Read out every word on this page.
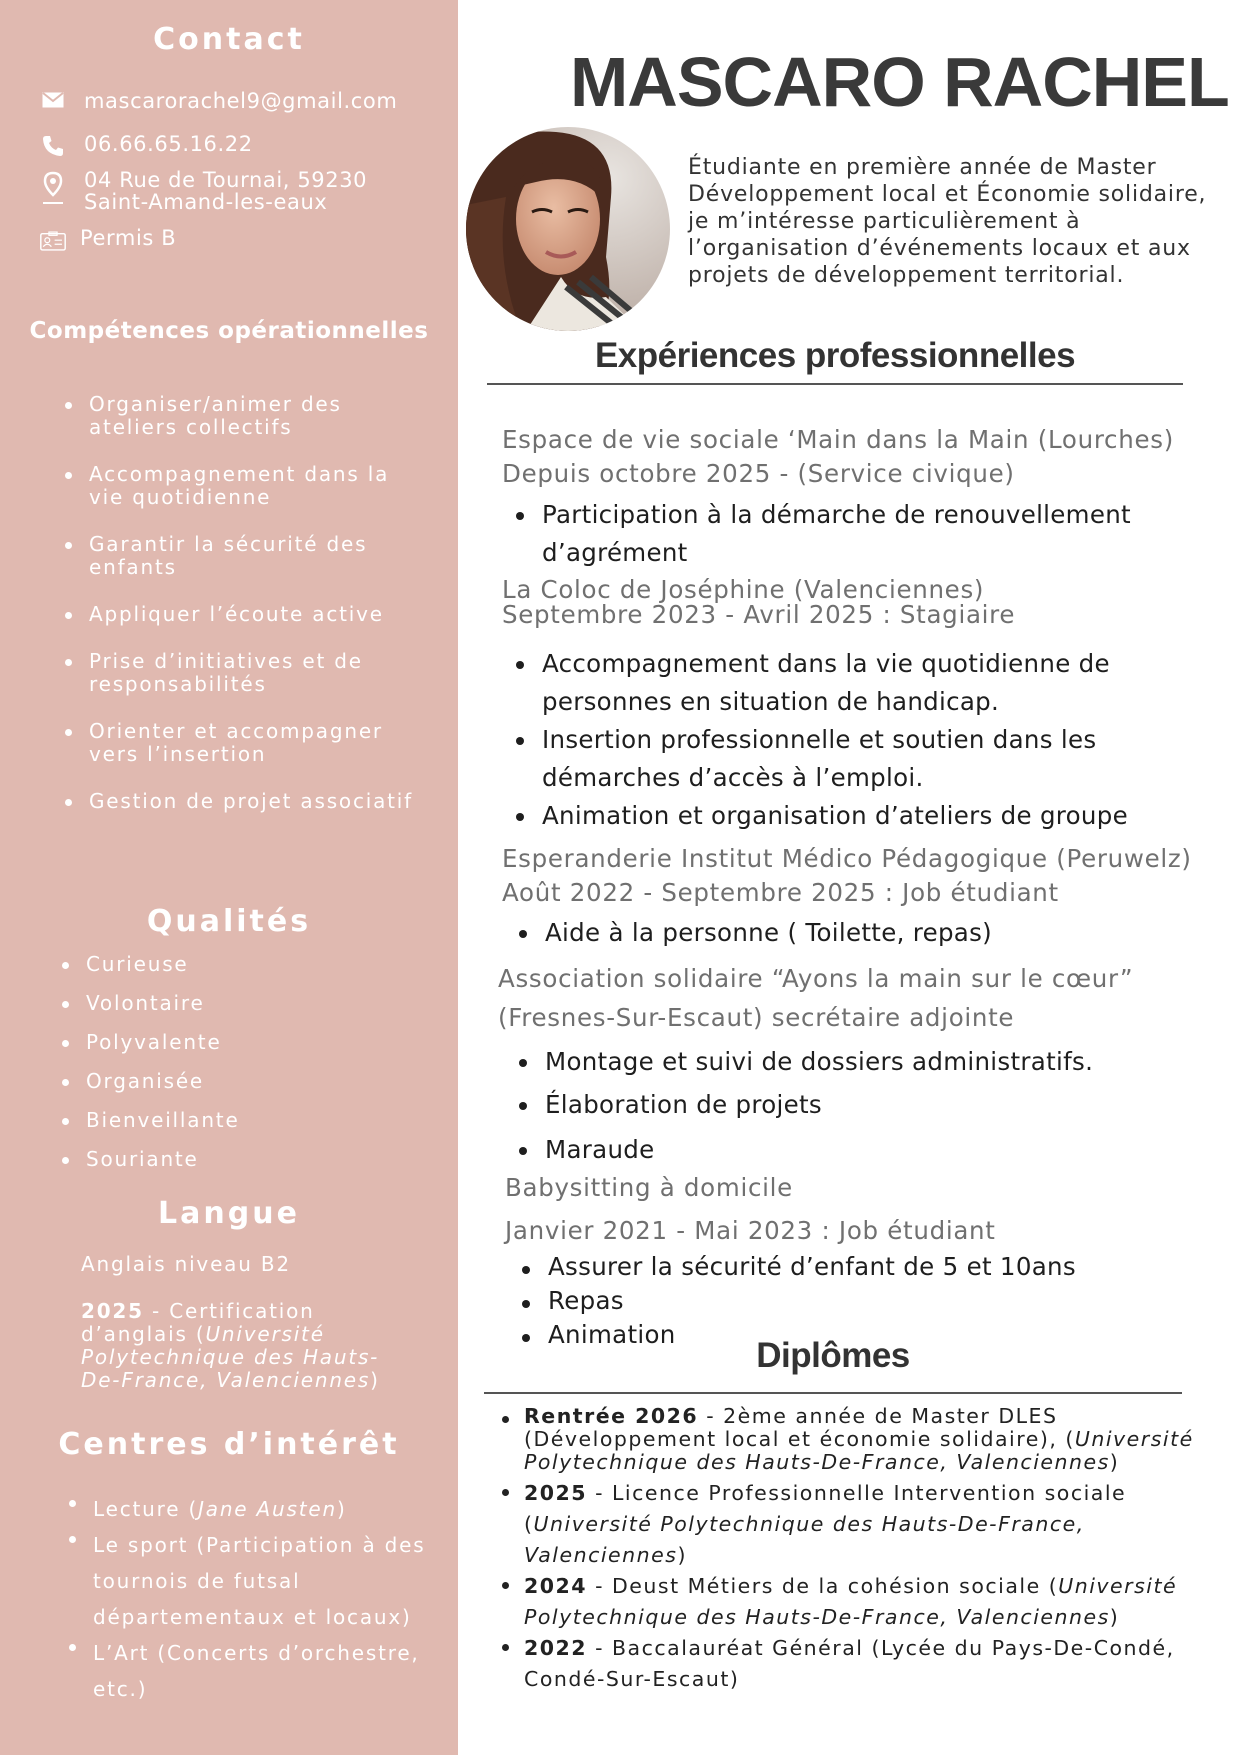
Contact
mascarorachel9@gmail.com
06.66.65.16.22
04 Rue de Tournai, 59230 Saint-Amand-les-eaux
Permis B
Compétences opérationnelles
Organiser/animer des ateliers collectifs
Accompagnement dans la vie quotidienne
Garantir la sécurité des enfants
Appliquer l’écoute active
Prise d’initiatives et de responsabilités
Orienter et accompagner vers l’insertion
Gestion de projet associatif
Qualités
Curieuse
Volontaire
Polyvalente
Organisée
Bienveillante
Souriante
Langue
Anglais niveau B2
2025 - Certification d’anglais (Université Polytechnique des Hauts-De-France, Valenciennes)
Centres d’intérêt
Lecture (Jane Austen)
Le sport (Participation à des tournois de futsal départementaux et locaux)
L’Art (Concerts d’orchestre, etc.)
MASCARO RACHEL
Étudiante en première année de Master Développement local et Économie solidaire, je m’intéresse particulièrement à l’organisation d’événements locaux et aux projets de développement territorial.
Expériences professionnelles
Espace de vie sociale ‘Main dans la Main (Lourches)
Depuis octobre 2025 - (Service civique)
Participation à la démarche de renouvellement d’agrément
La Coloc de Joséphine (Valenciennes)
Septembre 2023 - Avril 2025 : Stagiaire
Accompagnement dans la vie quotidienne de personnes en situation de handicap.
Insertion professionnelle et soutien dans les démarches d’accès à l’emploi.
Animation et organisation d’ateliers de groupe
Esperanderie Institut Médico Pédagogique (Peruwelz)
Août 2022 - Septembre 2025 : Job étudiant
Aide à la personne ( Toilette, repas)
Association solidaire “Ayons la main sur le cœur”
(Fresnes-Sur-Escaut) secrétaire adjointe
Montage et suivi de dossiers administratifs.
Élaboration de projets
Maraude
Babysitting à domicile
Janvier 2021 - Mai 2023 : Job étudiant
Assurer la sécurité d’enfant de 5 et 10ans
Repas
Animation
Diplômes
Rentrée 2026 - 2ème année de Master DLES (Développement local et économie solidaire), (Université Polytechnique des Hauts-De-France, Valenciennes)
2025 - Licence Professionnelle Intervention sociale (Université Polytechnique des Hauts-De-France, Valenciennes)
2024 - Deust Métiers de la cohésion sociale (Université Polytechnique des Hauts-De-France, Valenciennes)
2022 - Baccalauréat Général (Lycée du Pays-De-Condé, Condé-Sur-Escaut)
